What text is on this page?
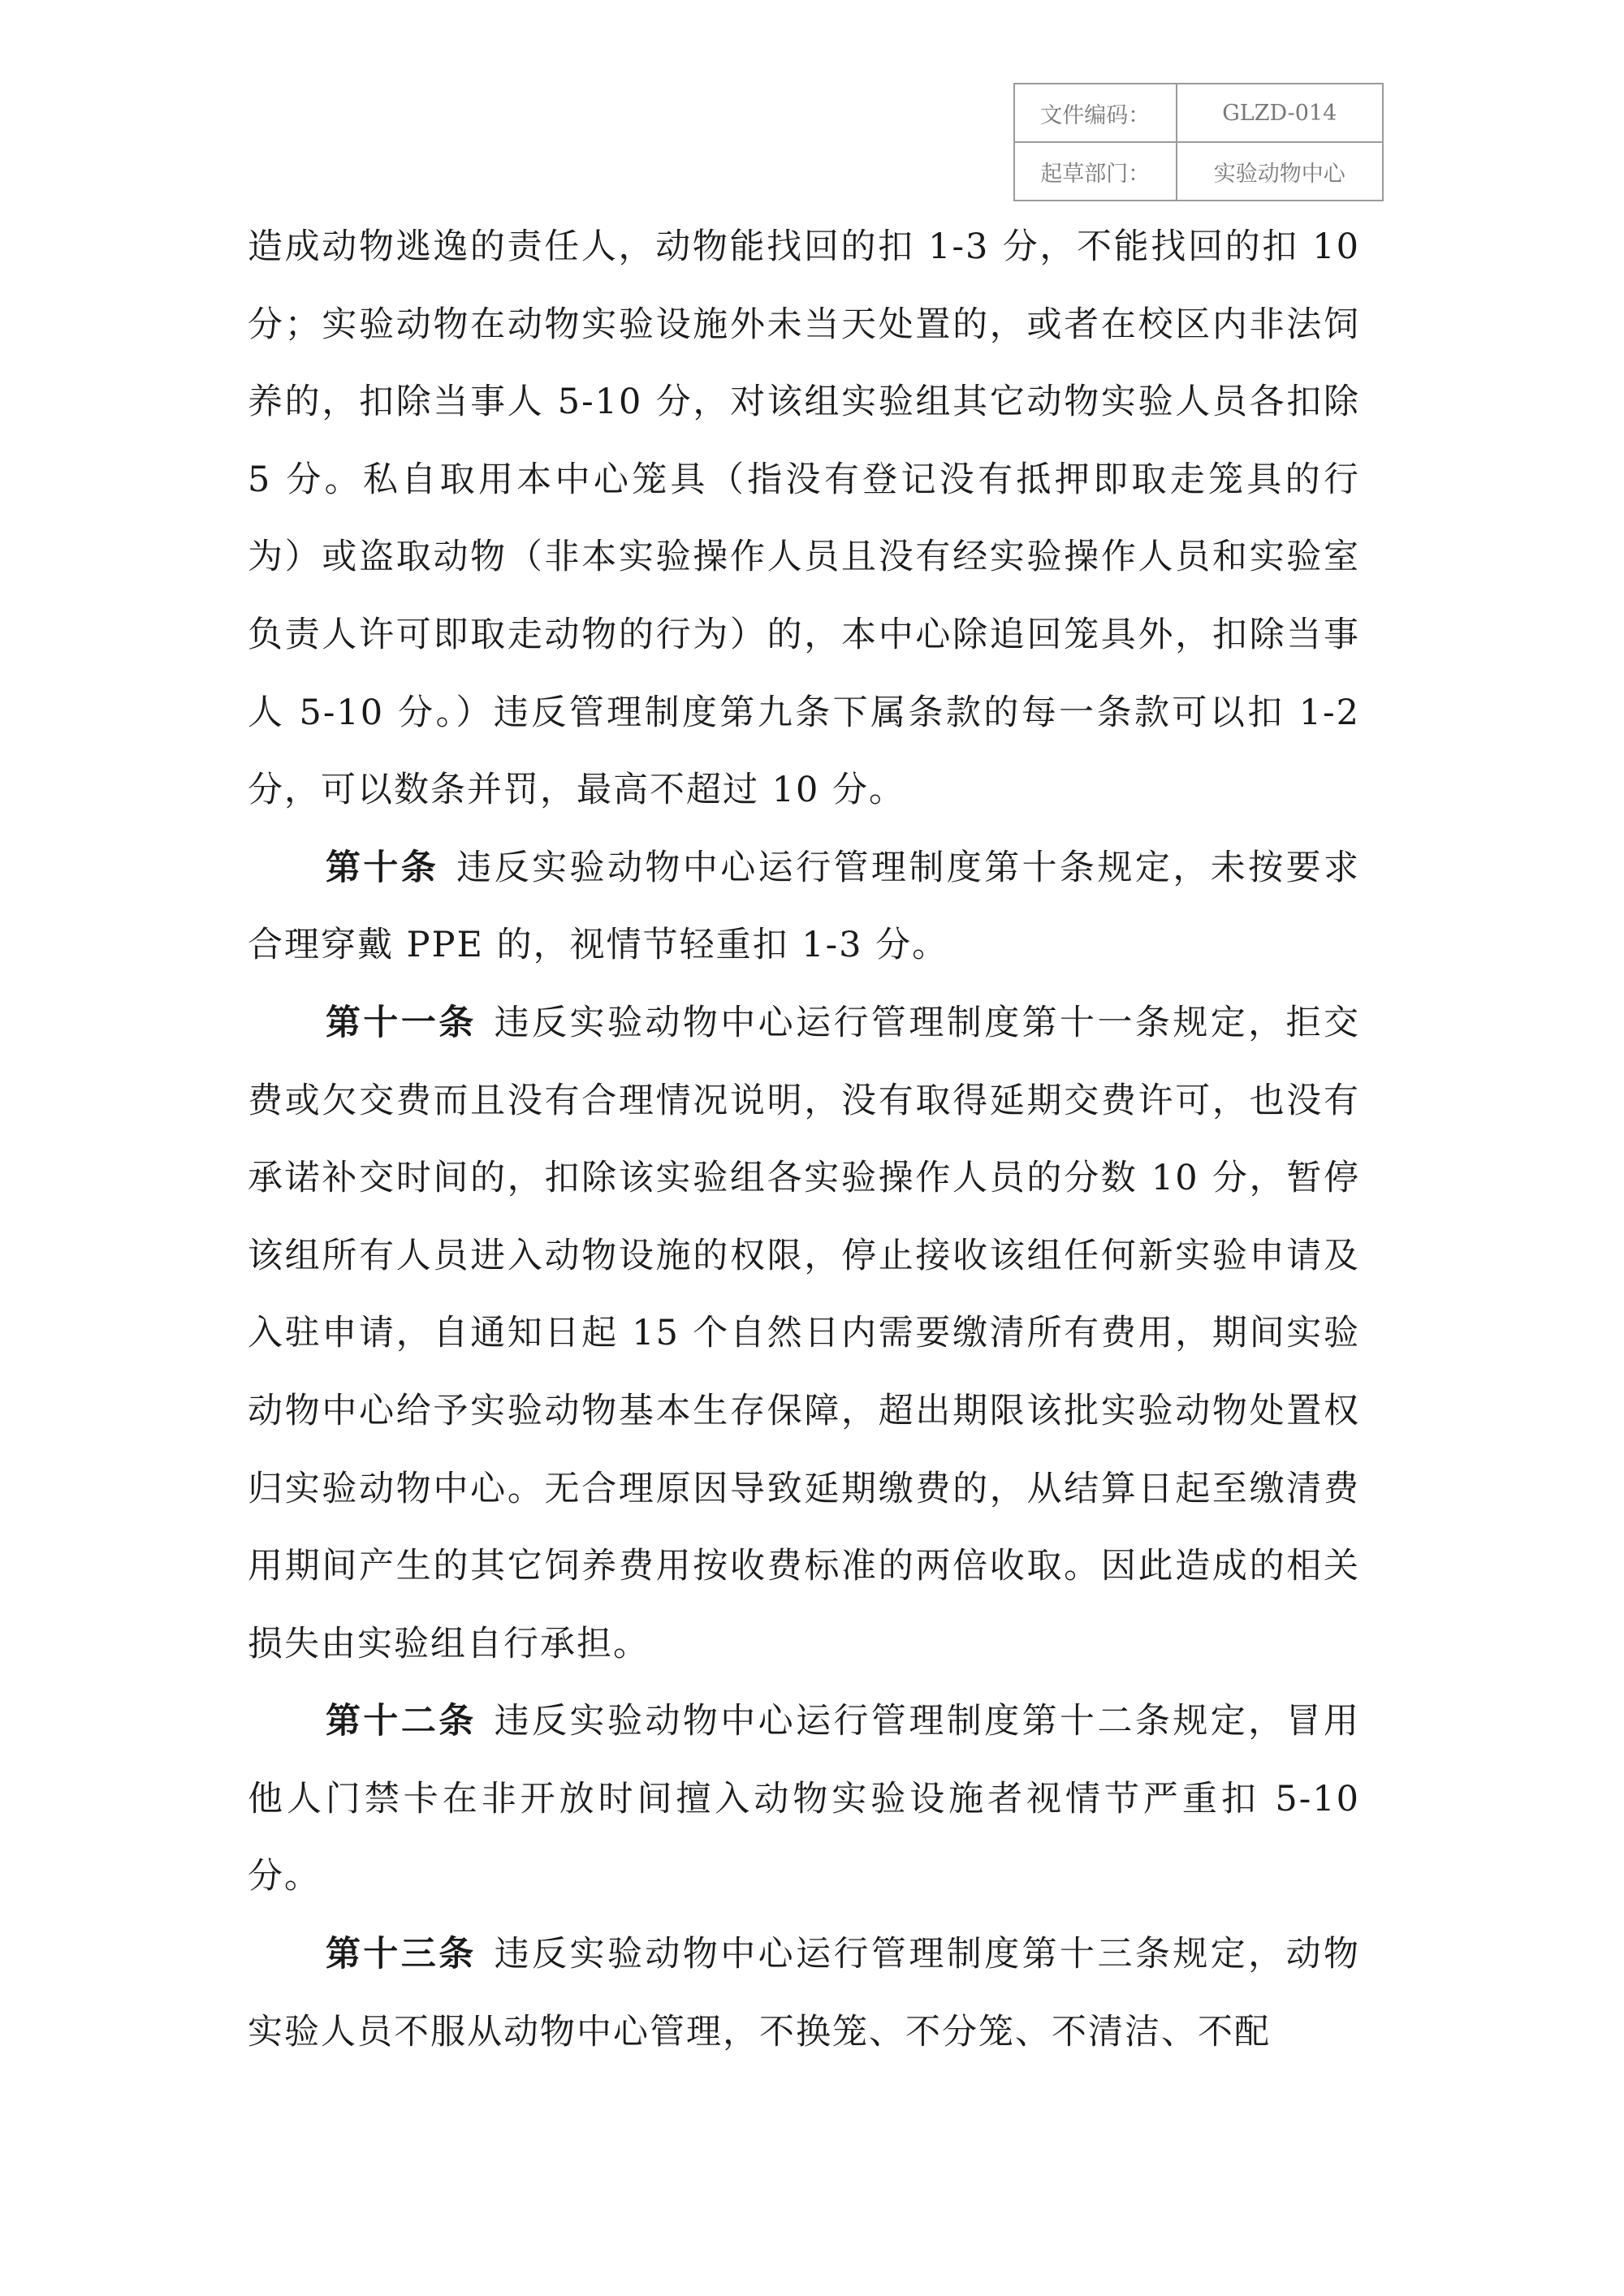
文件编码：	GLZD-014
起草部门：	实验动物中心

造成动物逃逸的责任人，动物能找回的扣 1-3 分，不能找回的扣 10 分；实验动物在动物实验设施外未当天处置的，或者在校区内非法饲养的，扣除当事人 5-10 分，对该组实验组其它动物实验人员各扣除 5 分。私自取用本中心笼具（指没有登记没有抵押即取走笼具的行为）或盗取动物（非本实验操作人员且没有经实验操作人员和实验室负责人许可即取走动物的行为）的，本中心除追回笼具外，扣除当事人 5-10 分。）违反管理制度第九条下属条款的每一条款可以扣 1-2 分，可以数条并罚，最高不超过 10 分。

第十条 违反实验动物中心运行管理制度第十条规定，未按要求合理穿戴 PPE 的，视情节轻重扣 1-3 分。

第十一条 违反实验动物中心运行管理制度第十一条规定，拒交费或欠交费而且没有合理情况说明，没有取得延期交费许可，也没有承诺补交时间的，扣除该实验组各实验操作人员的分数 10 分，暂停该组所有人员进入动物设施的权限，停止接收该组任何新实验申请及入驻申请，自通知日起 15 个自然日内需要缴清所有费用，期间实验动物中心给予实验动物基本生存保障，超出期限该批实验动物处置权归实验动物中心。无合理原因导致延期缴费的，从结算日起至缴清费用期间产生的其它饲养费用按收费标准的两倍收取。因此造成的相关损失由实验组自行承担。

第十二条 违反实验动物中心运行管理制度第十二条规定，冒用他人门禁卡在非开放时间擅入动物实验设施者视情节严重扣 5-10 分。

第十三条 违反实验动物中心运行管理制度第十三条规定，动物实验人员不服从动物中心管理，不换笼、不分笼、不清洁、不配
